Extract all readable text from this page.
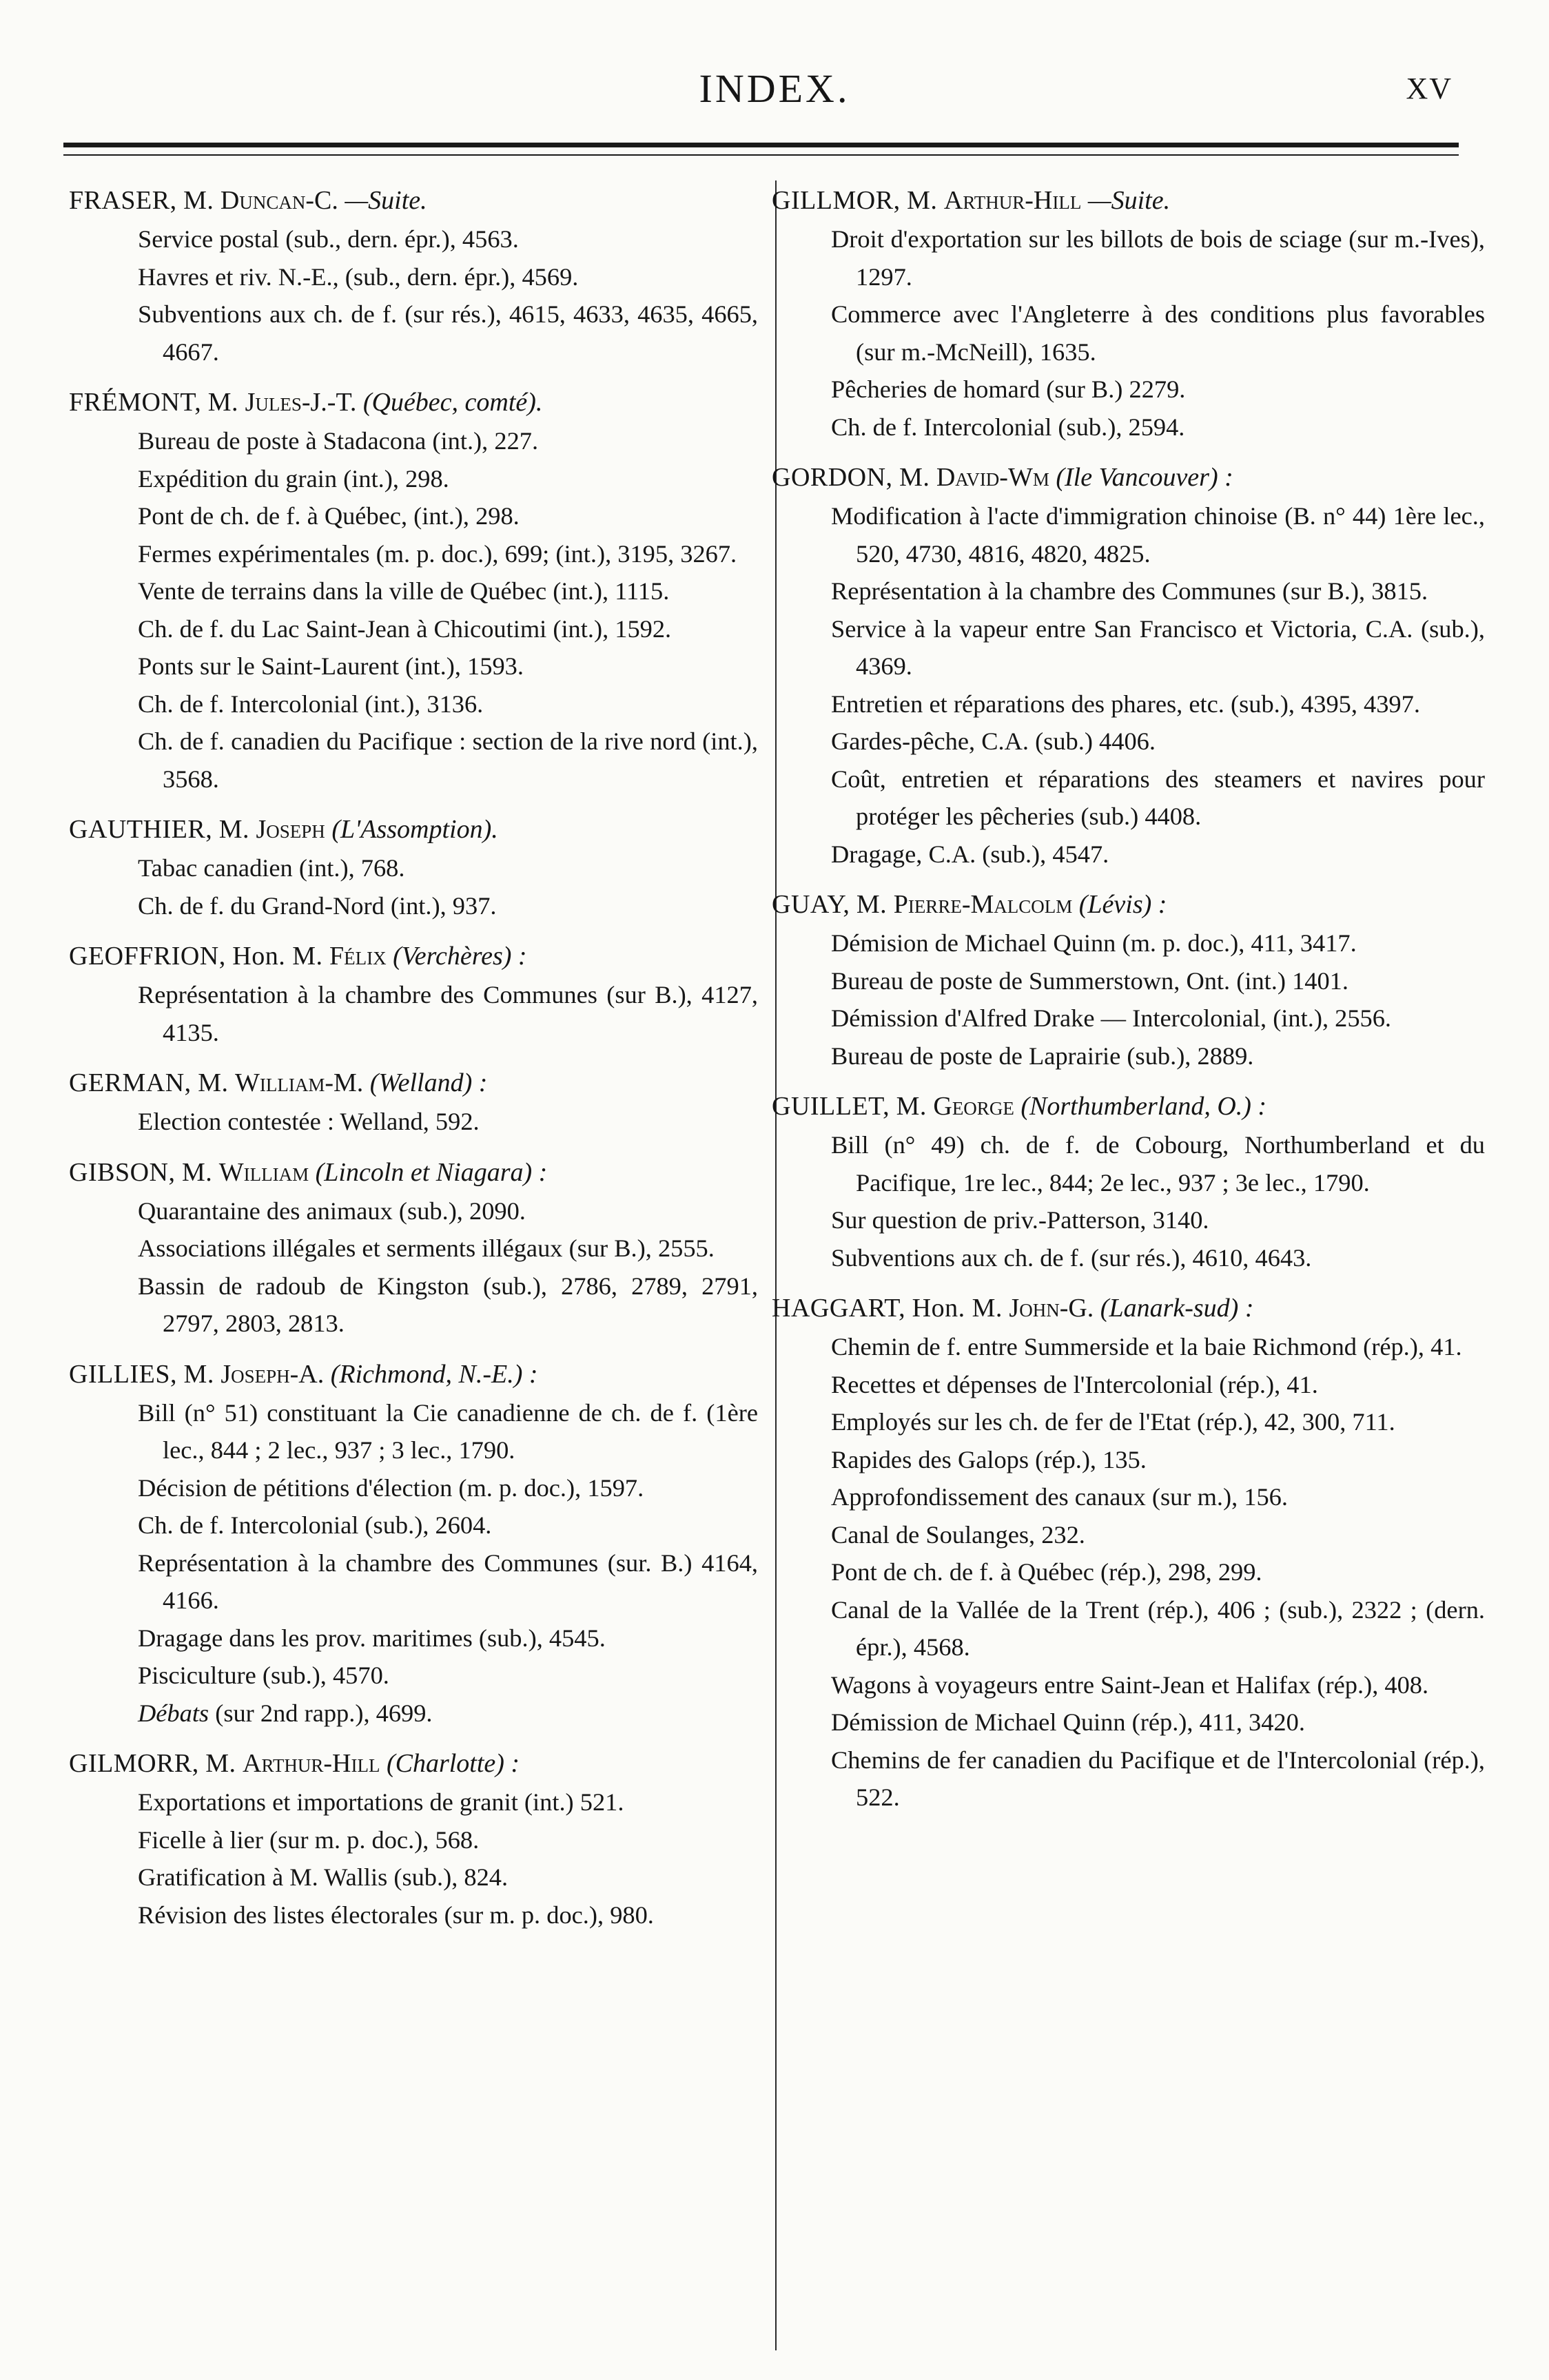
INDEX.	XV
FRASER, M. Duncan-C. —Suite.
Service postal (sub., dern. épr.), 4563.
Havres et riv. N.-E., (sub., dern. épr.), 4569.
Subventions aux ch. de f. (sur rés.), 4615, 4633, 4635, 4665, 4667.
FRÉMONT, M. Jules-J.-T. (Québec, comté).
Bureau de poste à Stadacona (int.), 227.
Expédition du grain (int.), 298.
Pont de ch. de f. à Québec, (int.), 298.
Fermes expérimentales (m. p. doc.), 699; (int.), 3195, 3267.
Vente de terrains dans la ville de Québec (int.), 1115.
Ch. de f. du Lac Saint-Jean à Chicoutimi (int.), 1592.
Ponts sur le Saint-Laurent (int.), 1593.
Ch. de f. Intercolonial (int.), 3136.
Ch. de f. canadien du Pacifique : section de la rive nord (int.), 3568.
GAUTHIER, M. Joseph (L'Assomption).
Tabac canadien (int.), 768.
Ch. de f. du Grand-Nord (int.), 937.
GEOFFRION, Hon. M. Félix (Verchères) :
Représentation à la chambre des Communes (sur B.), 4127, 4135.
GERMAN, M. William-M. (Welland) :
Election contestée : Welland, 592.
GIBSON, M. William (Lincoln et Niagara) :
Quarantaine des animaux (sub.), 2090.
Associations illégales et serments illégaux (sur B.), 2555.
Bassin de radoub de Kingston (sub.), 2786, 2789, 2791, 2797, 2803, 2813.
GILLIES, M. Joseph-A. (Richmond, N.-E.) :
Bill (n° 51) constituant la Cie canadienne de ch. de f. (1ère lec., 844 ; 2 lec., 937 ; 3 lec., 1790.
Décision de pétitions d'élection (m. p. doc.), 1597.
Ch. de f. Intercolonial (sub.), 2604.
Représentation à la chambre des Communes (sur. B.) 4164, 4166.
Dragage dans les prov. maritimes (sub.), 4545.
Pisciculture (sub.), 4570.
Débats (sur 2nd rapp.), 4699.
GILMORR, M. Arthur-Hill (Charlotte) :
Exportations et importations de granit (int.) 521.
Ficelle à lier (sur m. p. doc.), 568.
Gratification à M. Wallis (sub.), 824.
Révision des listes électorales (sur m. p. doc.), 980.
GILLMOR, M. Arthur-Hill —Suite.
Droit d'exportation sur les billots de bois de sciage (sur m.-Ives), 1297.
Commerce avec l'Angleterre à des conditions plus favorables (sur m.-McNeill), 1635.
Pêcheries de homard (sur B.) 2279.
Ch. de f. Intercolonial (sub.), 2594.
GORDON, M. David-Wm (Ile Vancouver) :
Modification à l'acte d'immigration chinoise (B. n° 44) 1ère lec., 520, 4730, 4816, 4820, 4825.
Représentation à la chambre des Communes (sur B.), 3815.
Service à la vapeur entre San Francisco et Victoria, C.A. (sub.), 4369.
Entretien et réparations des phares, etc. (sub.), 4395, 4397.
Gardes-pêche, C.A. (sub.) 4406.
Coût, entretien et réparations des steamers et navires pour protéger les pêcheries (sub.) 4408.
Dragage, C.A. (sub.), 4547.
GUAY, M. Pierre-Malcolm (Lévis) :
Démision de Michael Quinn (m. p. doc.), 411, 3417.
Bureau de poste de Summerstown, Ont. (int.) 1401.
Démission d'Alfred Drake — Intercolonial, (int.), 2556.
Bureau de poste de Laprairie (sub.), 2889.
GUILLET, M. George (Northumberland, O.) :
Bill (n° 49) ch. de f. de Cobourg, Northumberland et du Pacifique, 1re lec., 844; 2e lec., 937 ; 3e lec., 1790.
Sur question de priv.-Patterson, 3140.
Subventions aux ch. de f. (sur rés.), 4610, 4643.
HAGGART, Hon. M. John-G. (Lanark-sud) :
Chemin de f. entre Summerside et la baie Richmond (rép.), 41.
Recettes et dépenses de l'Intercolonial (rép.), 41.
Employés sur les ch. de fer de l'Etat (rép.), 42, 300, 711.
Rapides des Galops (rép.), 135.
Approfondissement des canaux (sur m.), 156.
Canal de Soulanges, 232.
Pont de ch. de f. à Québec (rép.), 298, 299.
Canal de la Vallée de la Trent (rép.), 406 ; (sub.), 2322 ; (dern. épr.), 4568.
Wagons à voyageurs entre Saint-Jean et Halifax (rép.), 408.
Démission de Michael Quinn (rép.), 411, 3420.
Chemins de fer canadien du Pacifique et de l'Intercolonial (rép.), 522.
